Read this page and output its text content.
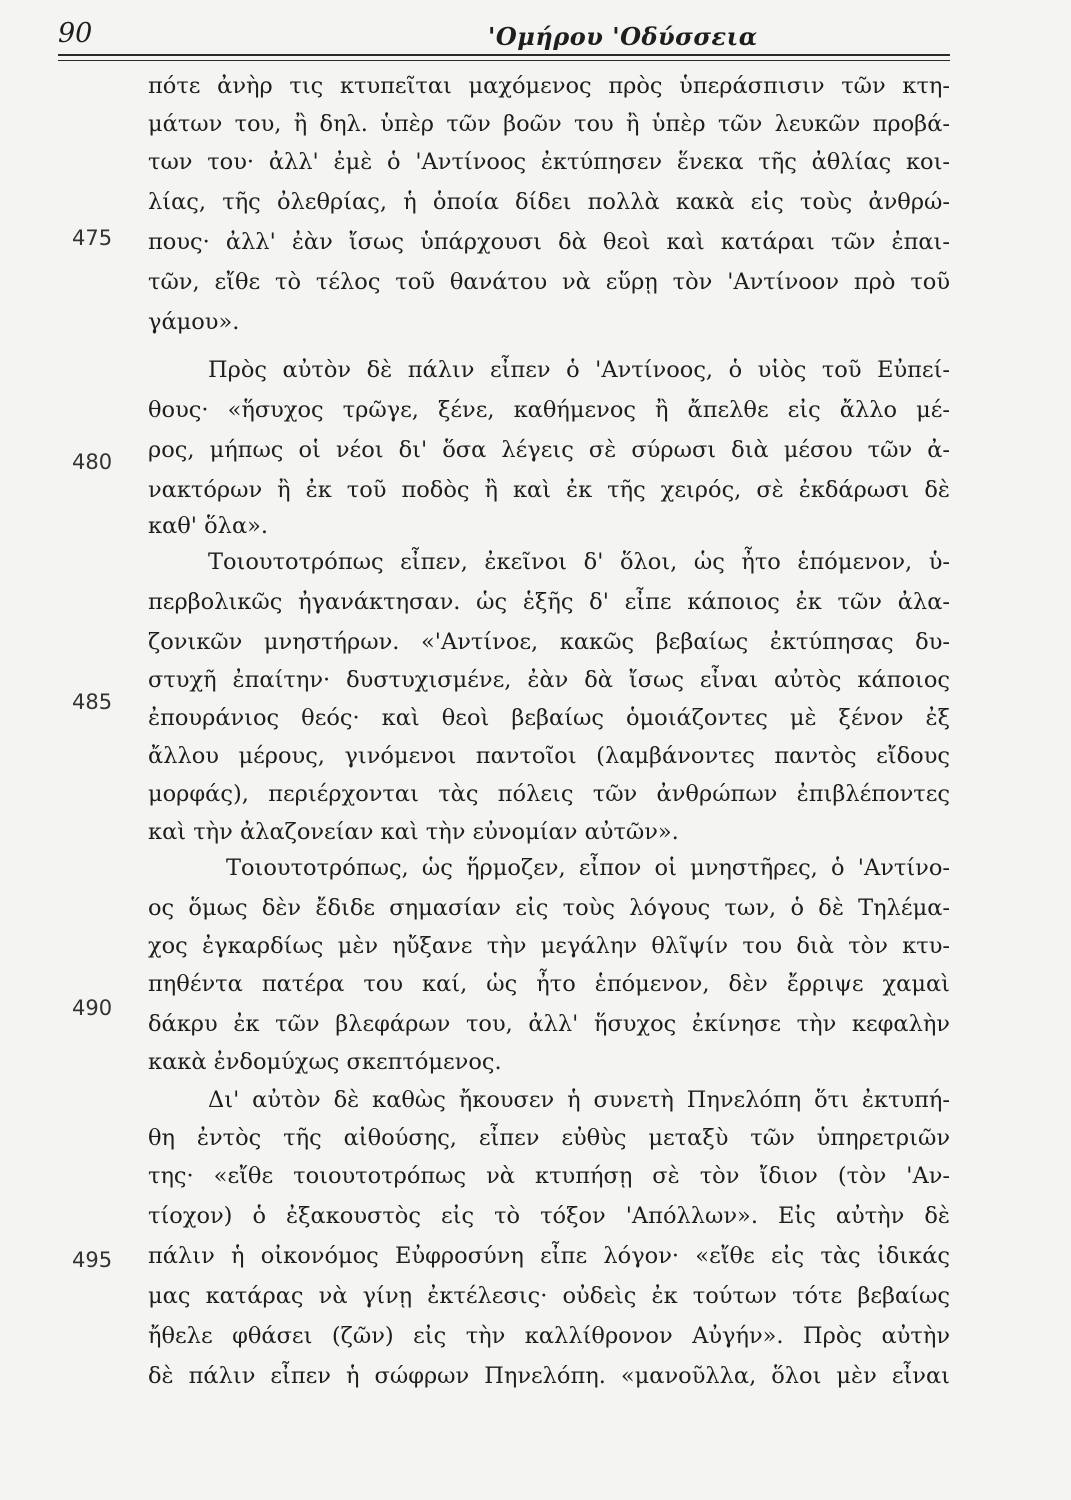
90	'Ομήρου 'Οδύσσεια
475
480
485
490
495
πότε ἀνὴρ τις κτυπεῖται μαχόμενος πρὸς ὑπεράσπισιν τῶν κτη-
μάτων του, ἢ δηλ. ὑπὲρ τῶν βοῶν του ἢ ὑπὲρ τῶν λευκῶν προβά-
των του· ἀλλ' ἐμὲ ὁ 'Αντίνοος ἐκτύπησεν ἕνεκα τῆς ἀθλίας κοι-
λίας, τῆς ὀλεθρίας, ἡ ὁποία δίδει πολλὰ κακὰ εἰς τοὺς ἀνθρώ-
πους· ἀλλ' ἐὰν ἴσως ὑπάρχουσι δὰ θεοὶ καὶ κατάραι τῶν ἐπαι-
τῶν, εἴθε τὸ τέλος τοῦ θανάτου νὰ εὕρῃ τὸν 'Αντίνοον πρὸ τοῦ
γάμου».
Πρὸς αὐτὸν δὲ πάλιν εἶπεν ὁ 'Αντίνοος, ὁ υἱὸς τοῦ Εὐπεί-
θους· «ἥσυχος τρῶγε, ξένε, καθήμενος ἢ ἄπελθε εἰς ἄλλο μέ-
ρος, μήπως οἱ νέοι δι' ὅσα λέγεις σὲ σύρωσι διὰ μέσου τῶν ἀ-
νακτόρων ἢ ἐκ τοῦ ποδὸς ἢ καὶ ἐκ τῆς χειρός, σὲ ἐκδάρωσι δὲ
καθ' ὅλα».
Τοιουτοτρόπως εἶπεν, ἐκεῖνοι δ' ὅλοι, ὡς ἦτο ἑπόμενον, ὑ-
περβολικῶς ἠγανάκτησαν. ὡς ἑξῆς δ' εἶπε κάποιος ἐκ τῶν ἀλα-
ζονικῶν μνηστήρων. «'Αντίνοε, κακῶς βεβαίως ἐκτύπησας δυ-
στυχῆ ἐπαίτην· δυστυχισμένε, ἐὰν δὰ ἴσως εἶναι αὐτὸς κάποιος
ἐπουράνιος θεός· καὶ θεοὶ βεβαίως ὁμοιάζοντες μὲ ξένον ἐξ
ἄλλου μέρους, γινόμενοι παντοῖοι (λαμβάνοντες παντὸς εἴδους
μορφάς), περιέρχονται τὰς πόλεις τῶν ἀνθρώπων ἐπιβλέποντες
καὶ τὴν ἀλαζονείαν καὶ τὴν εὐνομίαν αὐτῶν».
Τοιουτοτρόπως, ὡς ἥρμοζεν, εἶπον οἱ μνηστῆρες, ὁ 'Αντίνο-
ος ὅμως δὲν ἔδιδε σημασίαν εἰς τοὺς λόγους των, ὁ δὲ Τηλέμα-
χος ἐγκαρδίως μὲν ηὔξανε τὴν μεγάλην θλῖψίν του διὰ τὸν κτυ-
πηθέντα πατέρα του καί, ὡς ἦτο ἑπόμενον, δὲν ἔρριψε χαμαὶ
δάκρυ ἐκ τῶν βλεφάρων του, ἀλλ' ἥσυχος ἐκίνησε τὴν κεφαλὴν
κακὰ ἐνδομύχως σκεπτόμενος.
Δι' αὐτὸν δὲ καθὼς ἤκουσεν ἡ συνετὴ Πηνελόπη ὅτι ἐκτυπή-
θη ἐντὸς τῆς αἰθούσης, εἶπεν εὐθὺς μεταξὺ τῶν ὑπηρετριῶν
της· «εἴθε τοιουτοτρόπως νὰ κτυπήσῃ σὲ τὸν ἴδιον (τὸν 'Αν-
τίοχον) ὁ ἐξακουστὸς εἰς τὸ τόξον 'Απόλλων». Εἰς αὐτὴν δὲ
πάλιν ἡ οἰκονόμος Εὐφροσύνη εἶπε λόγον· «εἴθε εἰς τὰς ἰδικάς
μας κατάρας νὰ γίνῃ ἐκτέλεσις· οὐδεὶς ἐκ τούτων τότε βεβαίως
ἤθελε φθάσει (ζῶν) εἰς τὴν καλλίθρονον Αὐγήν». Πρὸς αὐτὴν
δὲ πάλιν εἶπεν ἡ σώφρων Πηνελόπη. «μανοῦλλα, ὅλοι μὲν εἶναι
